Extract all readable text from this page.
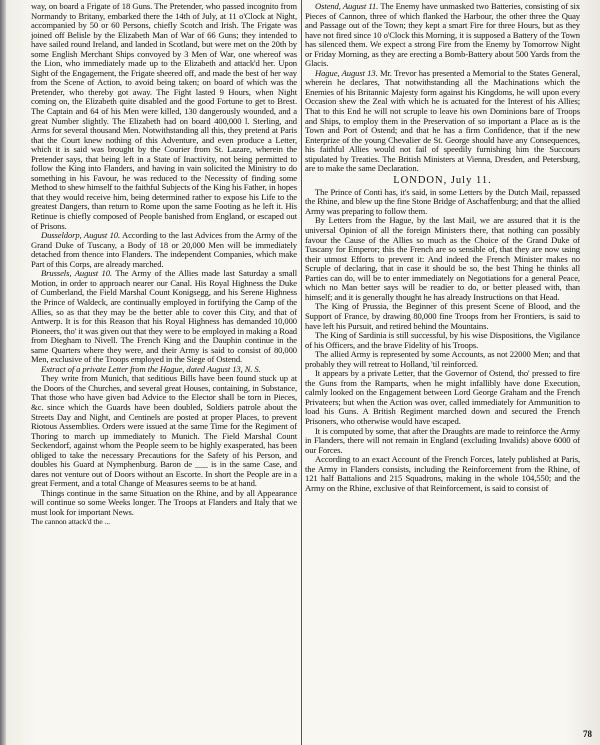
way, on board a Frigate of 18 Guns. The Pretender, who passed incognito from Normandy to Britany, embarked there the 14th of July, at 11 o'Clock at Night, accompanied by 50 or 60 Persons, chiefly Scotch and Irish. The Frigate was joined off Belisle by the Elizabeth Man of War of 66 Guns; they intended to have sailed round Ireland, and landed in Scotland, but were met on the 20th by some English Merchant Ships convoyed by 3 Men of War, one whereof was the Lion, who immediately made up to the Elizabeth and attack'd her. Upon Sight of the Engagement, the Frigate sheered off, and made the best of her way from the Scene of Action, to avoid being taken; on board of which was the Pretender, who thereby got away. The Fight lasted 9 Hours, when Night coming on, the Elizabeth quite disabled and the good Fortune to get to Brest. The Captain and 64 of his Men were killed, 130 dangerously wounded, and a great Number slightly. The Elizabeth had on board 400,000 l. Sterling, and Arms for several thousand Men. Notwithstanding all this, they pretend at Paris that the Court knew nothing of this Adventure, and even produce a Letter, which it is said was brought by the Courier from St. Lazare, wherein the Pretender says, that being left in a State of Inactivity, not being permitted to follow the King into Flanders, and having in vain solicited the Ministry to do something in his Favour, he was reduced to the Necessity of finding some Method to shew himself to the faithful Subjects of the King his Father, in hopes that they would receive him, being determined rather to expose his Life to the greatest Dangers, than return to Rome upon the same Footing as he left it. His Retinue is chiefly composed of People banished from England, or escaped out of Prisons.

Dusseldorp, August 10. According to the last Advices from the Army of the Grand Duke of Tuscany, a Body of 18 or 20,000 Men will be immediately detached from thence into Flanders. The independent Companies, which make Part of this Corps, are already marched.

Brussels, August 10. The Army of the Allies made last Saturday a small Motion, in order to approach nearer our Canal. His Royal Highness the Duke of Cumberland, the Field Marshal Count Konigsegg, and his Serene Highness the Prince of Waldeck, are continually employed in fortifying the Camp of the Allies, so as that they may be the better able to cover this City, and that of Antwerp. It is for this Reason that his Royal Highness has demanded 10,000 Pioneers, tho' it was given out that they were to be employed in making a Road from Diegham to Nivell. The French King and the Dauphin continue in the same Quarters where they were, and their Army is said to consist of 80,000 Men, exclusive of the Troops employed in the Siege of Ostend.

Extract of a private Letter from the Hague, dated August 13, N. S.

They write from Munich, that seditious Bills have been found stuck up at the Doors of the Churches, and several great Houses, containing, in Substance, That those who have given bad Advice to the Elector shall be torn in Pieces, &c. since which the Guards have been doubled, Soldiers patrole about the Streets Day and Night, and Centinels are posted at proper Places, to prevent Riotous Assemblies. Orders were issued at the same Time for the Regiment of Thoring to march up immediately to Munich. The Field Marshal Count Seckendorf, against whom the People seem to be highly exasperated, has been obliged to take the necessary Precautions for the Safety of his Person, and doubles his Guard at Nymphenburg. Baron de ___ is in the same Case, and dares not venture out of Doors without an Escorte. In short the People are in a great Ferment, and a total Change of Measures seems to be at hand.

Things continue in the same Situation on the Rhine, and by all Appearance will continue so some Weeks longer. The Troops at Flanders and Italy that we must look for important News.

The cannon attack'd the ...

Ostend, August 11. The Enemy have unmasked two Batteries, consisting of six Pieces of Cannon, three of which flanked the Harbour, the other three the Quay and Passage out of the Town; they kept a smart Fire for three Hours, but as they have not fired since 10 o'Clock this Morning, it is supposed a Battery of the Town has silenced them. We expect a strong Fire from the Enemy by Tomorrow Night or Friday Morning, as they are erecting a Bomb-Battery about 500 Yards from the Glacis.

Hague, August 13. Mr. Trevor has presented a Memorial to the States General, wherein he declares, That notwithstanding all the Machinations which the Enemies of his Britannic Majesty form against his Kingdoms, he will upon every Occasion shew the Zeal with which he is actuated for the Interest of his Allies; That to this End he will not scruple to leave his own Dominions bare of Troops and Ships, to employ them in the Preservation of so important a Place as is the Town and Port of Ostend; and that he has a firm Confidence, that if the new Enterprize of the young Chevalier de St. George should have any Consequences, his faithful Allies would not fail of speedily furnishing him the Succours stipulated by Treaties. The British Ministers at Vienna, Dresden, and Petersburg, are to make the same Declaration.

LONDON, July 11.

The Prince of Conti has, it's said, in some Letters by the Dutch Mail, repassed the Rhine, and blew up the fine Stone Bridge of Aschaffenburg; and that the allied Army was preparing to follow them.

By Letters from the Hague, by the last Mail, we are assured that it is the universal Opinion of all the foreign Ministers there, that nothing can possibly favour the Cause of the Allies so much as the Choice of the Grand Duke of Tuscany for Emperor; this the French are so sensible of, that they are now using their utmost Efforts to prevent it: And indeed the French Minister makes no Scruple of declaring, that in case it should be so, the best Thing he thinks all Parties can do, will be to enter immediately on Negotiations for a general Peace, which no Man better says will be readier to do, or better pleased with, than himself; and it is generally thought he has already Instructions on that Head.

The King of Prussia, the Beginner of this present Scene of Blood, and the Support of France, by drawing 80,000 fine Troops from her Frontiers, is said to have left his Pursuit, and retired behind the Mountains.

The King of Sardinia is still successful, by his wise Dispositions, the Vigilance of his Officers, and the brave Fidelity of his Troops.

The allied Army is represented by some Accounts, as not 22000 Men; and that probably they will retreat to Holland, 'til reinforced.

It appears by a private Letter, that the Governor of Ostend, tho' pressed to fire the Guns from the Ramparts, when he might infallibly have done Execution, calmly looked on the Engagement between Lord George Graham and the French Privateers; but when the Action was over, called immediately for Ammunition to load his Guns. A British Regiment marched down and secured the French Prisoners, who otherwise would have escaped.

It is computed by some, that after the Draughts are made to reinforce the Army in Flanders, there will not remain in England (excluding Invalids) above 6000 of our Forces.

According to an exact Account of the French Forces, lately published at Paris, the Army in Flanders consists, including the Reinforcement from the Rhine, of 121 half Battalions and 215 Squadrons, making in the whole 104,550; and the Army on the Rhine, exclusive of that Reinforcement, is said to consist of

78
